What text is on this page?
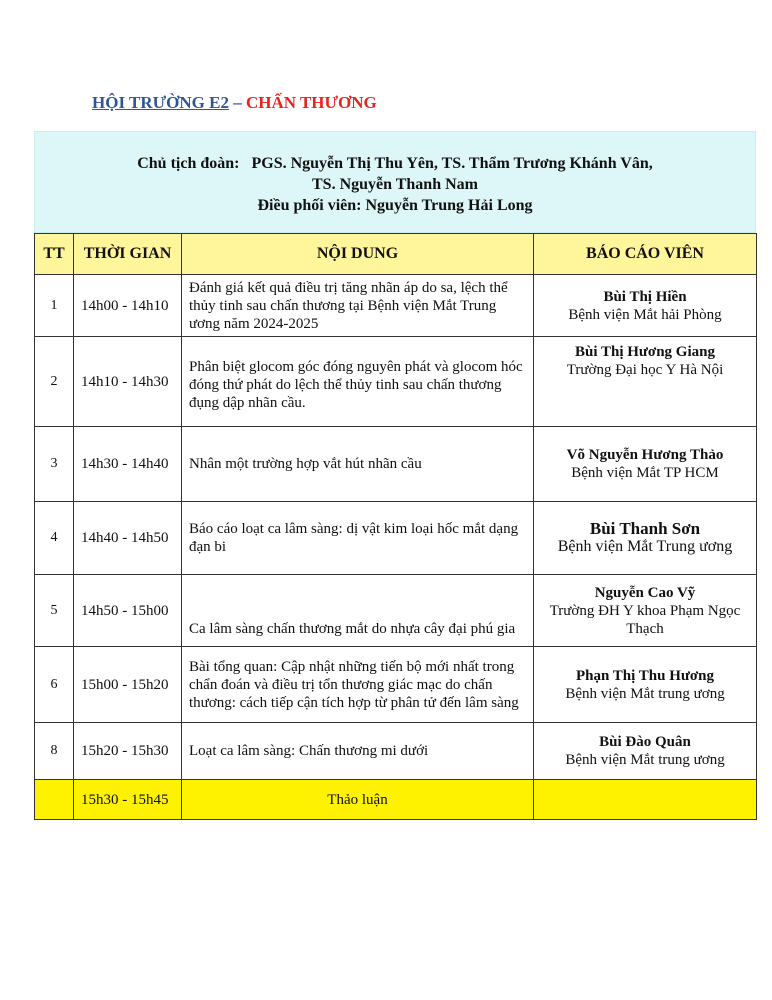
HỘI TRƯỜNG E2 – CHẤN THƯƠNG
Chủ tịch đoàn:   PGS. Nguyễn Thị Thu Yên, TS. Thẩm Trương Khánh Vân,
TS. Nguyễn Thanh Nam
Điều phối viên: Nguyễn Trung Hải Long
TT	THỜI GIAN	NỘI DUNG	BÁO CÁO VIÊN
1	14h00 - 14h10	Đánh giá kết quả điều trị tăng nhãn áp do sa, lệch thể thủy tinh sau chấn thương tại Bệnh viện Mắt Trung ương năm 2024-2025	Bùi Thị Hiền
Bệnh viện Mắt hải Phòng

2	14h10 - 14h30	Phân biệt glocom góc đóng nguyên phát và glocom hóc đóng thứ phát do lệch thể thủy tinh sau chấn thương đụng dập nhãn cầu.	Bùi Thị Hương Giang
Trường Đại học Y Hà Nội

3	14h30 - 14h40	Nhân một trường hợp vắt hút nhãn cầu	Võ Nguyễn Hương Thảo
Bệnh viện Mắt TP HCM

4	14h40 - 14h50	Báo cáo loạt ca lâm sàng: dị vật kim loại hốc mắt dạng đạn bi	Bùi Thanh Sơn
Bệnh viện Mắt Trung ương

5	14h50 - 15h00	Ca lâm sàng chấn thương mắt do nhựa cây đại phú gia	Nguyễn Cao Vỹ
Trường ĐH Y khoa Phạm Ngọc Thạch

6	15h00 - 15h20	Bài tổng quan: Cập nhật những tiến bộ mới nhất trong chẩn đoán và điều trị tổn thương giác mạc do chấn thương: cách tiếp cận tích hợp từ phân tử đến lâm sàng	Phạn Thị Thu Hương
Bệnh viện Mắt trung ương

8	15h20 - 15h30	Loạt ca lâm sàng: Chấn thương mi dưới	Bùi Đào Quân
Bệnh viện Mắt trung ương

	15h30 - 15h45	Thảo luận	
